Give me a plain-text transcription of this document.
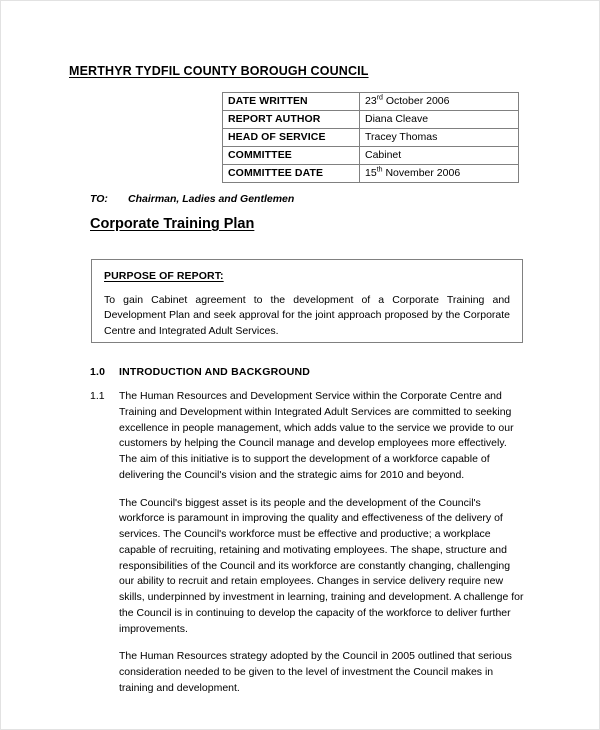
MERTHYR TYDFIL COUNTY BOROUGH COUNCIL
DATE WRITTEN	23rd October 2006
REPORT AUTHOR	Diana Cleave
HEAD OF SERVICE	Tracey Thomas
COMMITTEE	Cabinet
COMMITTEE DATE	15th November 2006
TO: Chairman, Ladies and Gentlemen
Corporate Training Plan
PURPOSE OF REPORT:
To gain Cabinet agreement to the development of a Corporate Training and Development Plan and seek approval for the joint approach proposed by the Corporate Centre and Integrated Adult Services.
1.0 INTRODUCTION AND BACKGROUND

1.1 The Human Resources and Development Service within the Corporate Centre and Training and Development within Integrated Adult Services are committed to seeking excellence in people management, which adds value to the service we provide to our customers by helping the Council manage and develop employees more effectively. The aim of this initiative is to support the development of a workforce capable of delivering the Council's vision and the strategic aims for 2010 and beyond.

The Council's biggest asset is its people and the development of the Council's workforce is paramount in improving the quality and effectiveness of the delivery of services. The Council's workforce must be effective and productive; a workplace capable of recruiting, retaining and motivating employees. The shape, structure and responsibilities of the Council and its workforce are constantly changing, challenging our ability to recruit and retain employees. Changes in service delivery require new skills, underpinned by investment in learning, training and development. A challenge for the Council is in continuing to develop the capacity of the workforce to deliver further improvements.

The Human Resources strategy adopted by the Council in 2005 outlined that serious consideration needed to be given to the level of investment the Council makes in training and development.
